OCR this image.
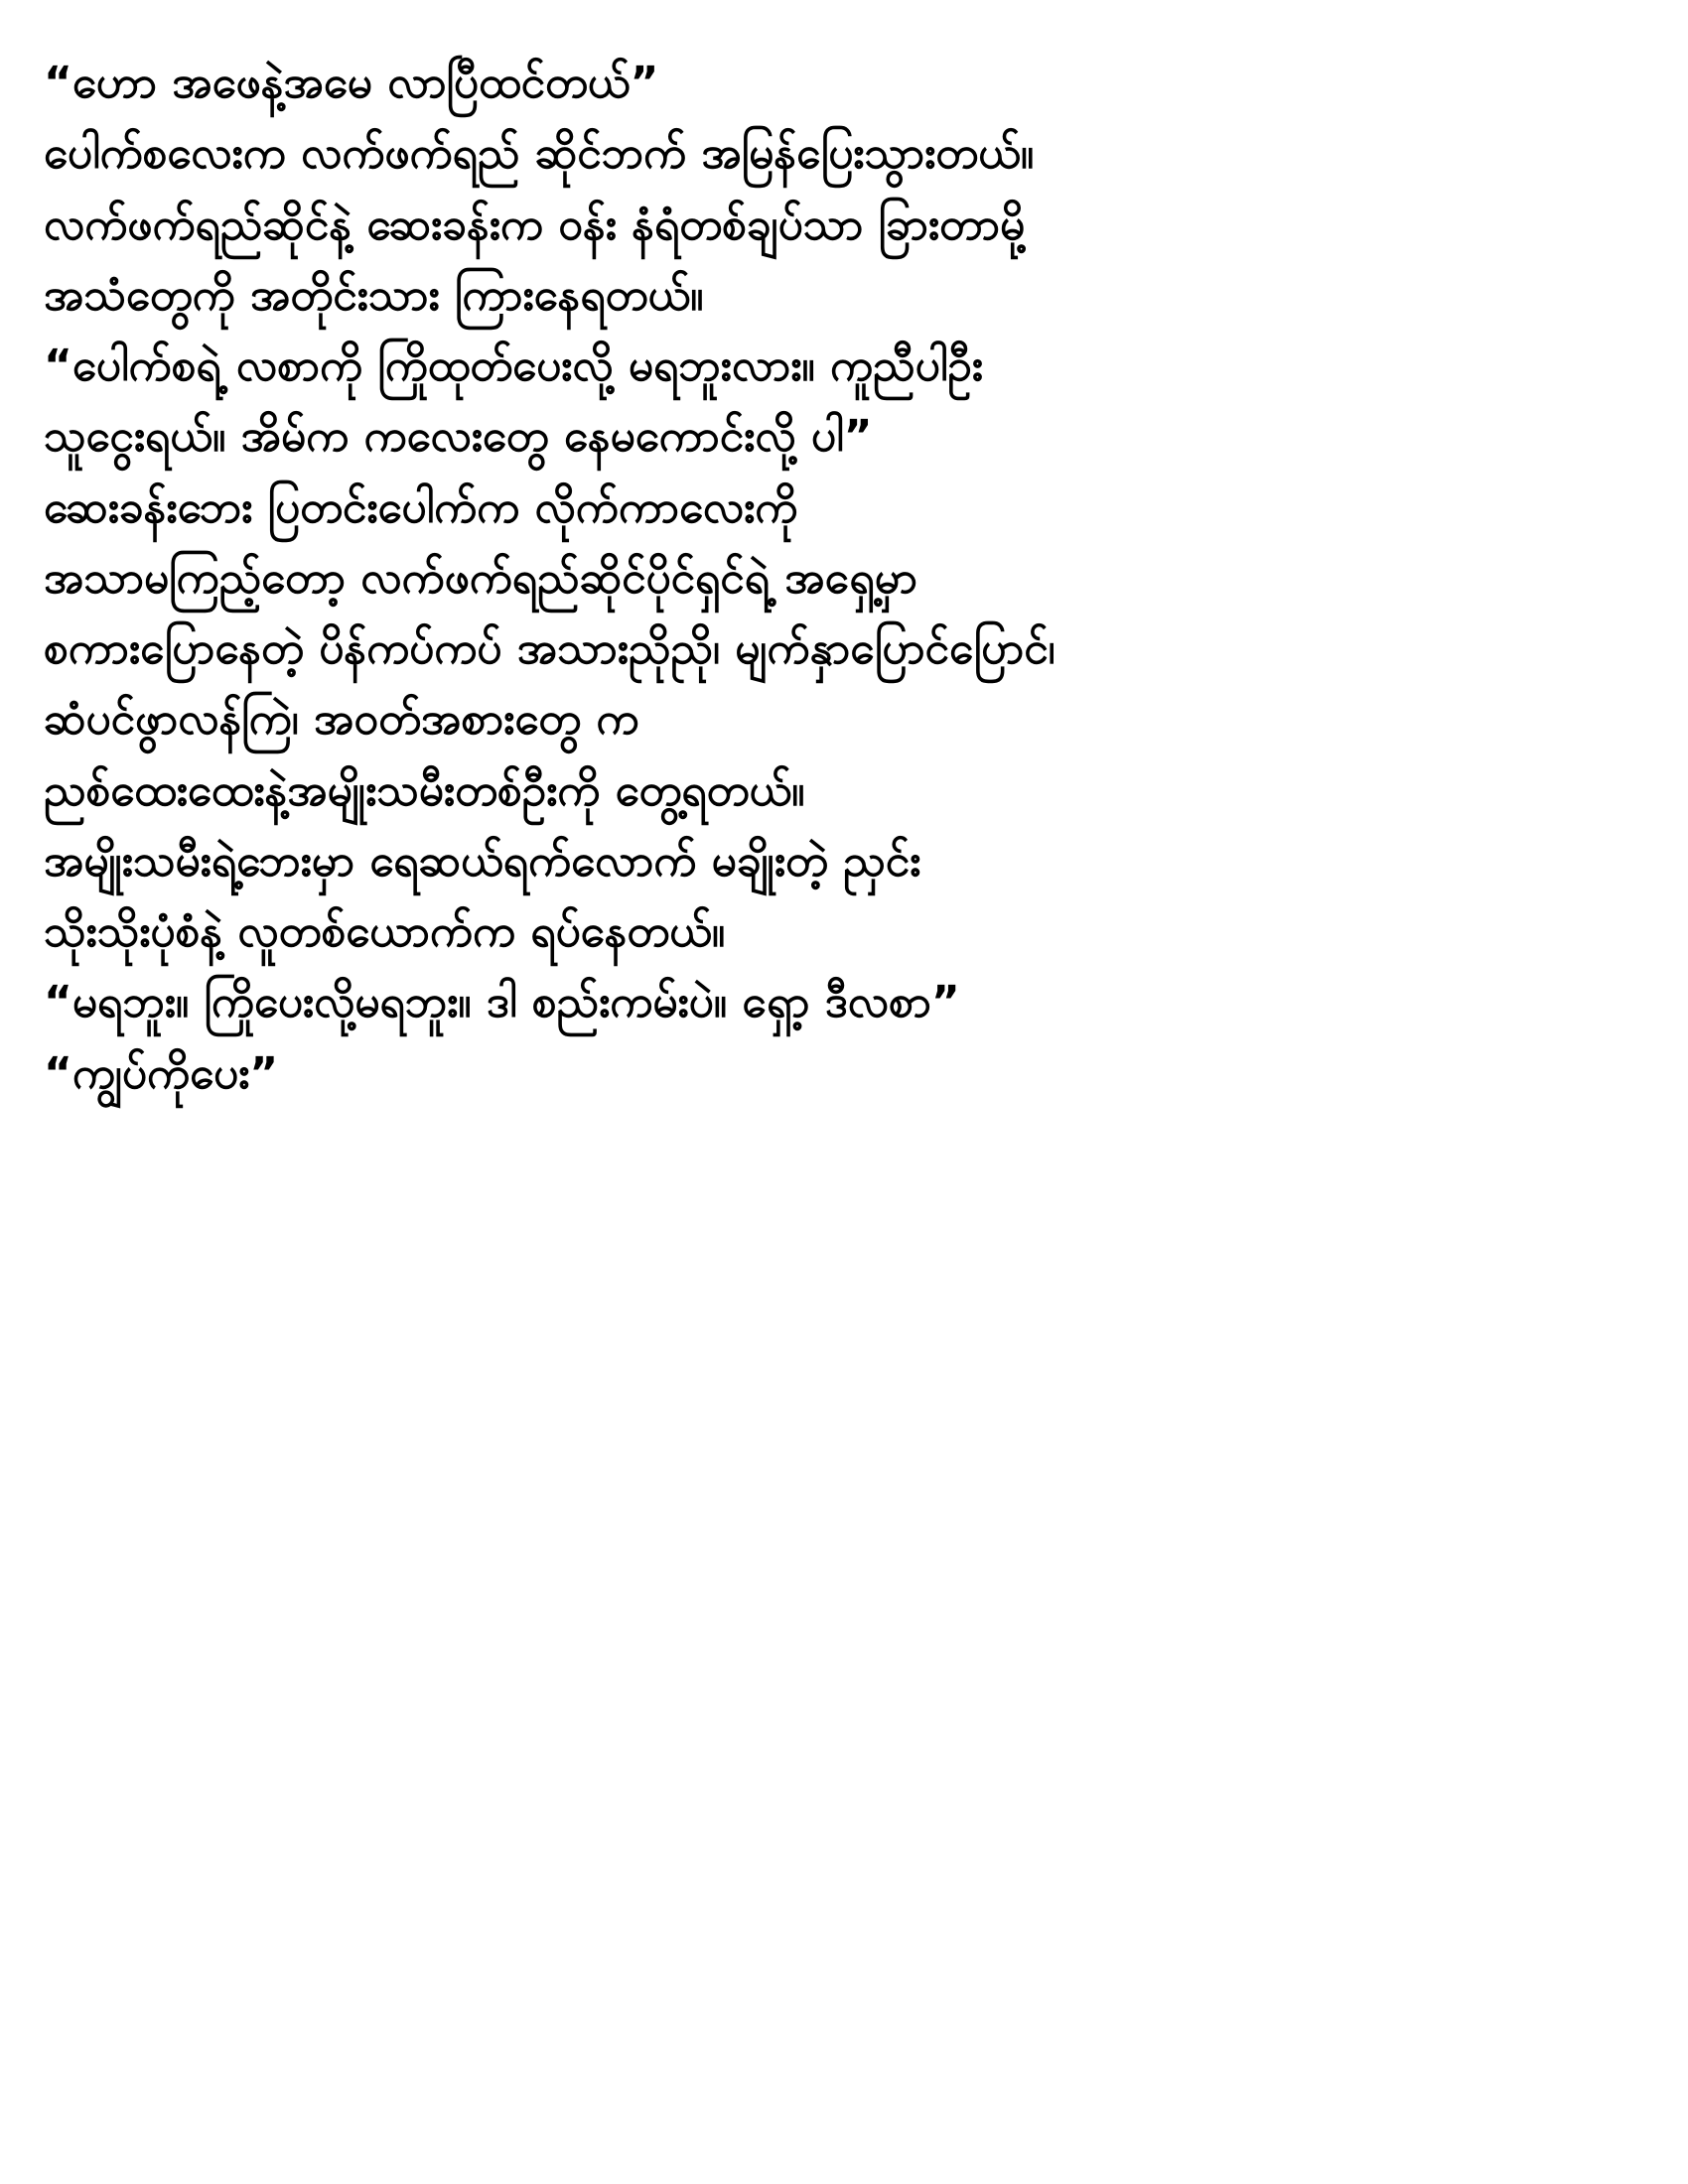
“ဟော အဖေနဲ့အမေ လာပြီထင်တယ်”
ပေါက်စလေးက လက်ဖက်ရည် ဆိုင်ဘက် အမြန်ပြေးသွားတယ်။
လက်ဖက်ရည်ဆိုင်နဲ့ ဆေးခန်းက ဝန်း နံရံတစ်ချပ်သာ ခြားတာမို့
အသံတွေကို အတိုင်းသား ကြားနေရတယ်။
“ပေါက်စရဲ့ လစာကို ကြိုထုတ်ပေးလို့ မရဘူးလား။ ကူညီပါဦး
သူငွေးရယ်။ အိမ်က ကလေးတွေ နေမကောင်းလို့ ပါ”
ဆေးခန်းဘေး ပြတင်းပေါက်က လိုက်ကာလေးကို
အသာမကြည့်တော့ လက်ဖက်ရည်ဆိုင်ပိုင်ရှင်ရဲ့ အရှေ့မှာ
စကားပြောနေတဲ့ ပိန်ကပ်ကပ် အသားညိုညို၊ မျက်နှာပြောင်ပြောင်၊
ဆံပင်ဖွာလန်ကြဲ၊ အဝတ်အစားတွေ က
ညစ်ထေးထေးနဲ့အမျိုးသမီးတစ်ဦးကို တွေ့ရတယ်။
အမျိုးသမီးရဲ့ဘေးမှာ ရေဆယ်ရက်လောက် မချိုးတဲ့ ညှင်း
သိုးသိုးပုံစံနဲ့ လူတစ်ယောက်က ရပ်နေတယ်။
“မရဘူး။ ကြိုပေးလို့မရဘူး။ ဒါ စည်းကမ်းပဲ။ ရှော့ ဒီလစာ”
“ကျွပ်ကိုပေး”
